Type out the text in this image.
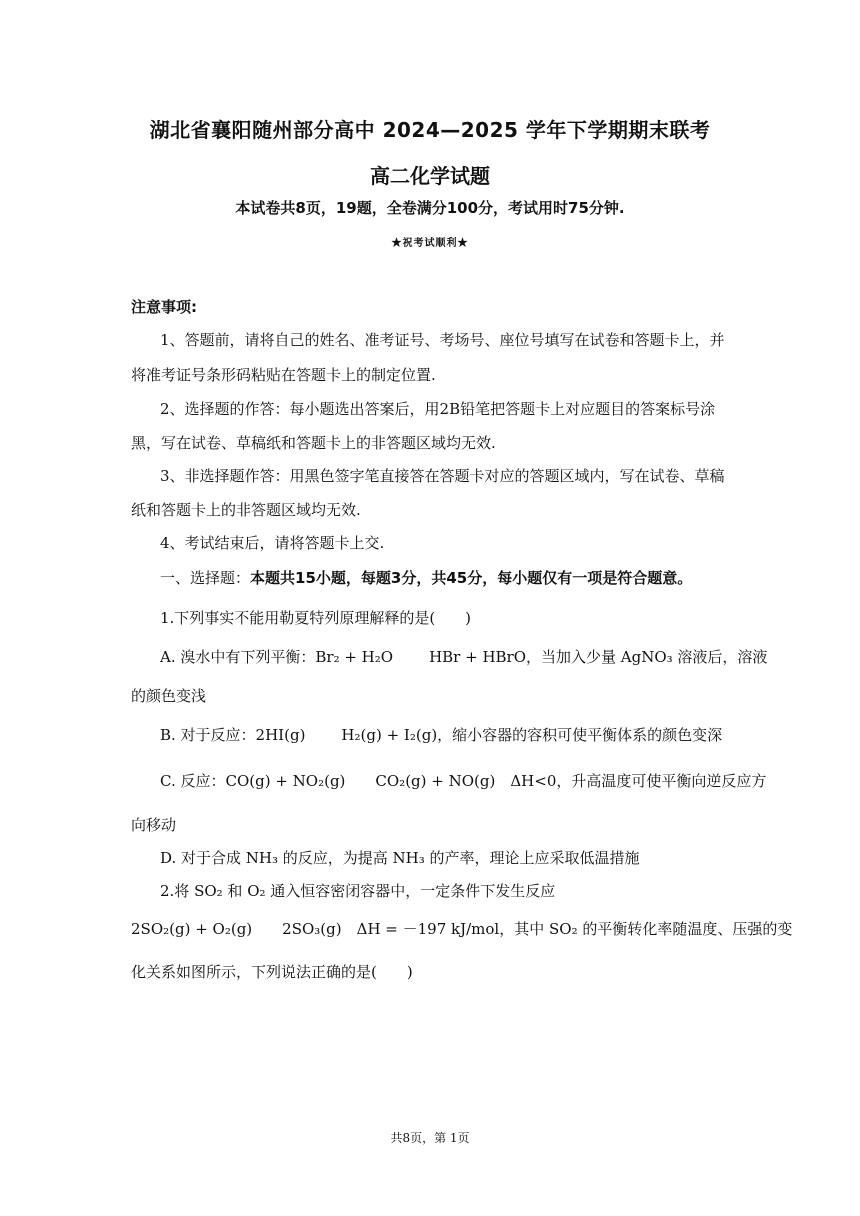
湖北省襄阳随州部分高中 2024—2025 学年下学期期末联考
高二化学试题
本试卷共8页，19题，全卷满分100分，考试用时75分钟.
★祝考试顺利★
注意事项:
1、答题前，请将自己的姓名、准考证号、考场号、座位号填写在试卷和答题卡上，并
将准考证号条形码粘贴在答题卡上的制定位置.
2、选择题的作答：每小题选出答案后，用2B铅笔把答题卡上对应题目的答案标号涂
黑，写在试卷、草稿纸和答题卡上的非答题区域均无效.
3、非选择题作答：用黑色签字笔直接答在答题卡对应的答题区域内，写在试卷、草稿
纸和答题卡上的非答题区域均无效.
4、考试结束后，请将答题卡上交.
一、选择题：本题共15小题，每题3分，共45分，每小题仅有一项是符合题意。
1.下列事实不能用勒夏特列原理解释的是(　　)
A. 溴水中有下列平衡：Br₂ + H₂O HBr + HBrO，当加入少量 AgNO₃ 溶液后，溶液
的颜色变浅
B. 对于反应：2HI(g) H₂(g) + I₂(g)，缩小容器的容积可使平衡体系的颜色变深
C. 反应：CO(g) + NO₂(g) CO₂(g) + NO(g)　ΔH<0，升高温度可使平衡向逆反应方
向移动
D. 对于合成 NH₃ 的反应，为提高 NH₃ 的产率，理论上应采取低温措施
2.将 SO₂ 和 O₂ 通入恒容密闭容器中，一定条件下发生反应
2SO₂(g) + O₂(g) 2SO₃(g)　ΔH = －197 kJ/mol，其中 SO₂ 的平衡转化率随温度、压强的变
化关系如图所示，下列说法正确的是(　　)
共8页，第 1页
